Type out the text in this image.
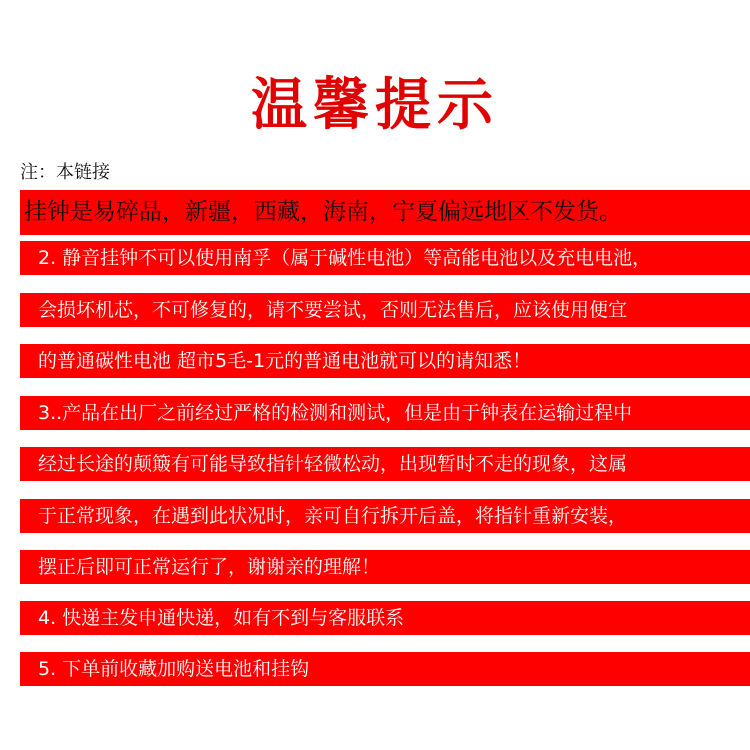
温馨提示
注：本链接
挂钟是易碎品，新疆，西藏，海南，宁夏偏远地区不发货。
2. 静音挂钟不可以使用南孚（属于碱性电池）等高能电池以及充电电池，
会损坏机芯，不可修复的，请不要尝试，否则无法售后，应该使用便宜
的普通碳性电池 超市5毛-1元的普通电池就可以的请知悉！
3..产品在出厂之前经过严格的检测和测试，但是由于钟表在运输过程中
经过长途的颠簸有可能导致指针轻微松动，出现暂时不走的现象，这属
于正常现象，在遇到此状况时，亲可自行拆开后盖，将指针重新安装，
摆正后即可正常运行了，谢谢亲的理解！
4. 快递主发申通快递，如有不到与客服联系
5. 下单前收藏加购送电池和挂钩
